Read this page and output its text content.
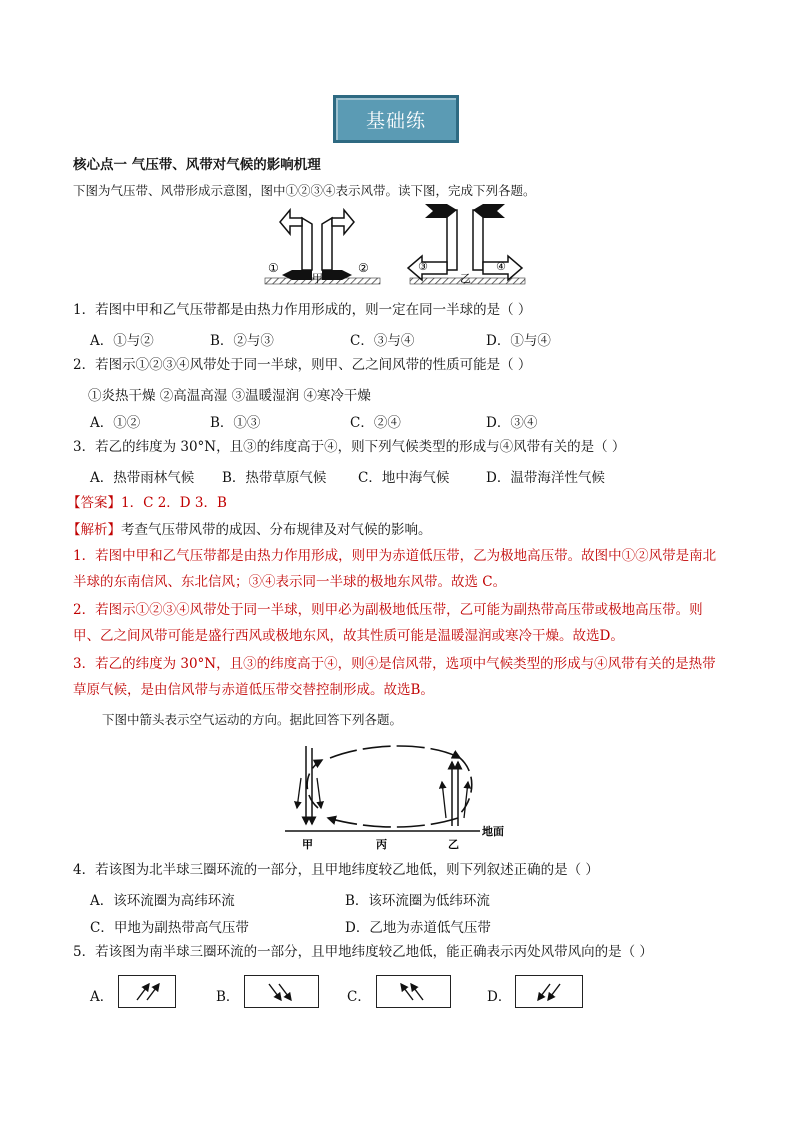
基础练
核心点一 气压带、风带对气候的影响机理
下图为气压带、风带形成示意图，图中①②③④表示风带。读下图，完成下列各题。
①	②	③	④
甲	乙
1．若图中甲和乙气压带都是由热力作用形成的，则一定在同一半球的是（ ）
A．①与②	B．②与③	C．③与④	D．①与④
2．若图示①②③④风带处于同一半球，则甲、乙之间风带的性质可能是（ ）
①炎热干燥 ②高温高湿 ③温暖湿润 ④寒冷干燥
A．①②	B．①③	C．②④	D．③④
3．若乙的纬度为 30°N，且③的纬度高于④，则下列气候类型的形成与④风带有关的是（ ）
A．热带雨林气候 B．热带草原气候 C．地中海气候	D．温带海洋性气候
【答案】1．C 2．D 3．B
【解析】考查气压带风带的成因、分布规律及对气候的影响。
1．若图中甲和乙气压带都是由热力作用形成，则甲为赤道低压带，乙为极地高压带。故图中①②风带是南北半球的东南信风、东北信风；③④表示同一半球的极地东风带。故选 C。
2．若图示①②③④风带处于同一半球，则甲必为副极地低压带，乙可能为副热带高压带或极地高压带。则甲、乙之间风带可能是盛行西风或极地东风，故其性质可能是温暖湿润或寒冷干燥。故选D。
3．若乙的纬度为 30°N，且③的纬度高于④，则④是信风带，选项中气候类型的形成与④风带有关的是热带草原气候，是由信风带与赤道低压带交替控制形成。故选B。
下图中箭头表示空气运动的方向。据此回答下列各题。
地面
甲	丙	乙
4．若该图为北半球三圈环流的一部分，且甲地纬度较乙地低，则下列叙述正确的是（ ）
A．该环流圈为高纬环流	B．该环流圈为低纬环流
C．甲地为副热带高气压带	D．乙地为赤道低气压带
5．若该图为南半球三圈环流的一部分，且甲地纬度较乙地低，能正确表示丙处风带风向的是（ ）
A．	B．	C．	D．
